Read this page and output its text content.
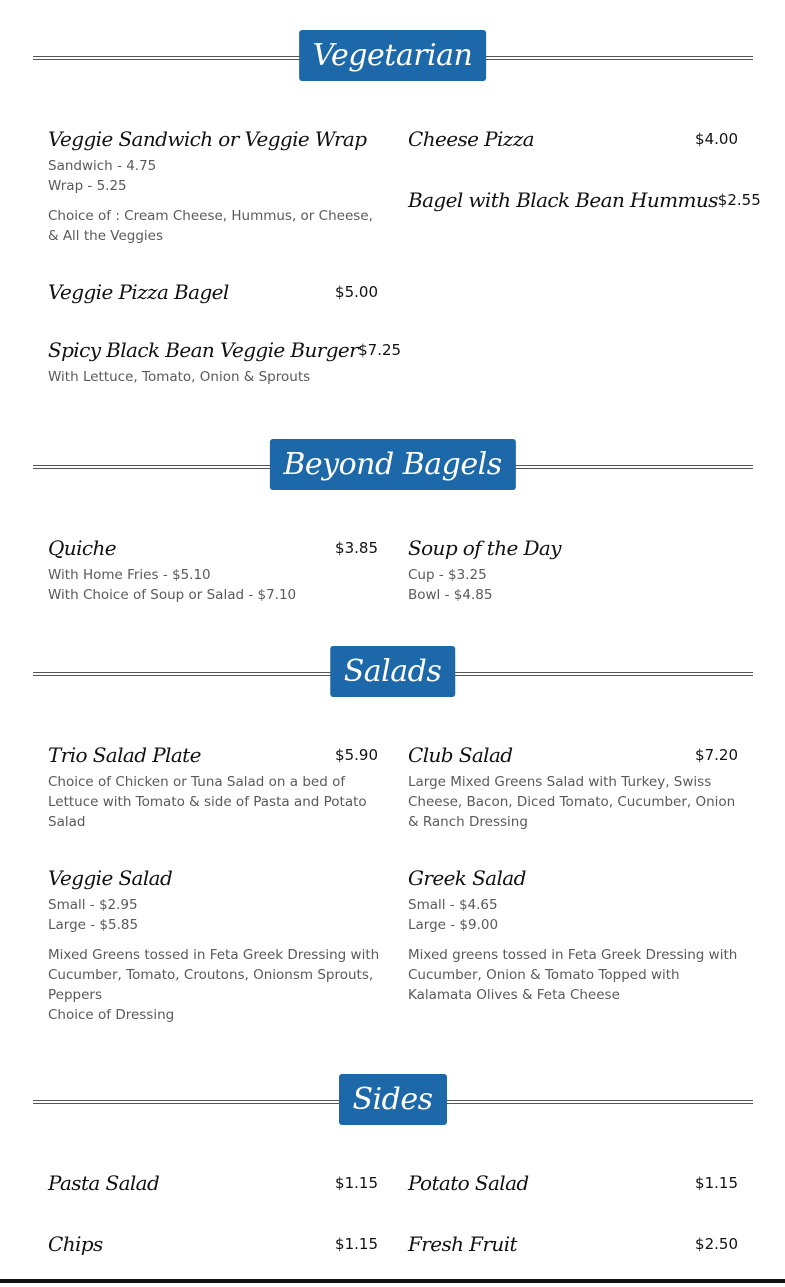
Vegetarian
Veggie Sandwich or Veggie Wrap
Sandwich - 4.75
Wrap - 5.25
Choice of : Cream Cheese, Hummus, or Cheese, & All the Veggies
Veggie Pizza Bagel	$5.00
Spicy Black Bean Veggie Burger $7.25
With Lettuce, Tomato, Onion & Sprouts
Cheese Pizza	$4.00
Bagel with Black Bean Hummus $2.55
Beyond Bagels
Quiche	$3.85
With Home Fries - $5.10
With Choice of Soup or Salad - $7.10
Soup of the Day
Cup - $3.25
Bowl - $4.85
Salads
Trio Salad Plate	$5.90
Choice of Chicken or Tuna Salad on a bed of Lettuce with Tomato & side of Pasta and Potato Salad
Veggie Salad
Small - $2.95
Large - $5.85
Mixed Greens tossed in Feta Greek Dressing with Cucumber, Tomato, Croutons, Onionsm Sprouts, Peppers
Choice of Dressing
Club Salad	$7.20
Large Mixed Greens Salad with Turkey, Swiss Cheese, Bacon, Diced Tomato, Cucumber, Onion & Ranch Dressing
Greek Salad
Small - $4.65
Large - $9.00
Mixed greens tossed in Feta Greek Dressing with Cucumber, Onion & Tomato Topped with Kalamata Olives & Feta Cheese
Sides
Pasta Salad	$1.15
Chips	$1.15
Potato Salad	$1.15
Fresh Fruit	$2.50
